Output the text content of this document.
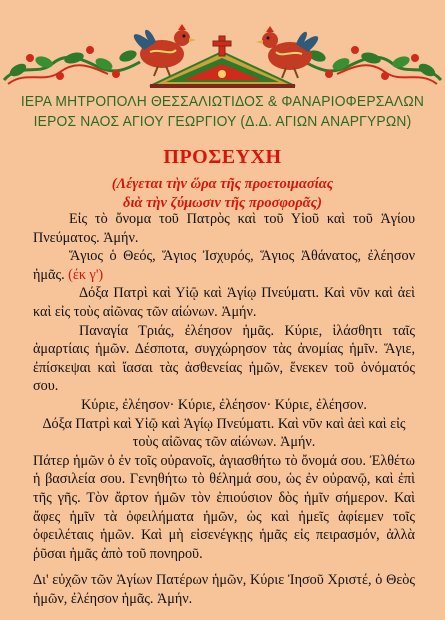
ΙΕΡΑ ΜΗΤΡΟΠΟΛΗ ΘΕΣΣΑΛΙΩΤΙΔΟΣ & ΦΑΝΑΡΙΟΦΕΡΣΑΛΩΝ
ΙΕΡΟΣ ΝΑΟΣ ΑΓΙΟΥ ΓΕΩΡΓΙΟΥ (Δ.Δ. ΑΓΙΩΝ ΑΝΑΡΓΥΡΩΝ)
ΠΡΟΣΕΥΧΗ
(Λέγεται τὴν ὥρα τῆς προετοιμασίας
διὰ τὴν ζύμωσιν τῆς προσφορᾶς)

Εἰς τὸ ὄνομα τοῦ Πατρὸς καὶ τοῦ Υἱοῦ καὶ τοῦ Ἁγίου Πνεύματος. Ἀμήν.

Ἅγιος ὁ Θεός, Ἅγιος Ἰσχυρός, Ἅγιος Ἀθάνατος, ἐλέησον ἡμᾶς. (έκ γ')

Δόξα Πατρὶ καὶ Υἱῷ καὶ Ἁγίῳ Πνεύματι. Καὶ νῦν καὶ ἀεὶ καὶ εἰς τοὺς αἰῶνας τῶν αἰώνων. Ἀμήν.

Παναγία Τριάς, ἐλέησον ἡμᾶς. Κύριε, ἱλάσθητι ταῖς ἁμαρτίαις ἡμῶν. Δέσποτα, συγχώρησον τὰς ἀνομίας ἡμῖν. Ἅγιε, ἐπίσκεψαι καὶ ἴασαι τὰς ἀσθενείας ἡμῶν, ἕνεκεν τοῦ ὀνόματός σου.

Κύριε, ἐλέησον· Κύριε, ἐλέησον· Κύριε, ἐλέησον.

Δόξα Πατρὶ καὶ Υἱῷ καὶ Ἁγίῳ Πνεύματι. Καὶ νῦν καὶ ἀεὶ καὶ εἰς τοὺς αἰῶνας τῶν αἰώνων. Ἀμήν.

Πάτερ ἡμῶν ὁ ἐν τοῖς οὐρανοῖς, ἁγιασθήτω τὸ ὄνομά σου. Ἐλθέτω ἡ βασιλεία σου. Γενηθήτω τὸ θέλημά σου, ὡς ἐν οὐρανῷ, καὶ ἐπὶ τῆς γῆς. Τὸν ἄρτον ἡμῶν τὸν ἐπιούσιον δὸς ἡμῖν σήμερον. Καὶ ἄφες ἡμῖν τὰ ὀφειλήματα ἡμῶν, ὡς καὶ ἡμεῖς ἀφίεμεν τοῖς ὀφειλέταις ἡμῶν. Καὶ μὴ εἰσενέγκῃς ἡμᾶς εἰς πειρασμόν, ἀλλὰ ῥῦσαι ἡμᾶς ἀπὸ τοῦ πονηροῦ.

Δι' εὐχῶν τῶν Ἁγίων Πατέρων ἡμῶν, Κύριε Ἰησοῦ Χριστέ, ὁ Θεὸς ἡμῶν, ἐλέησον ἡμᾶς. Ἀμήν.
